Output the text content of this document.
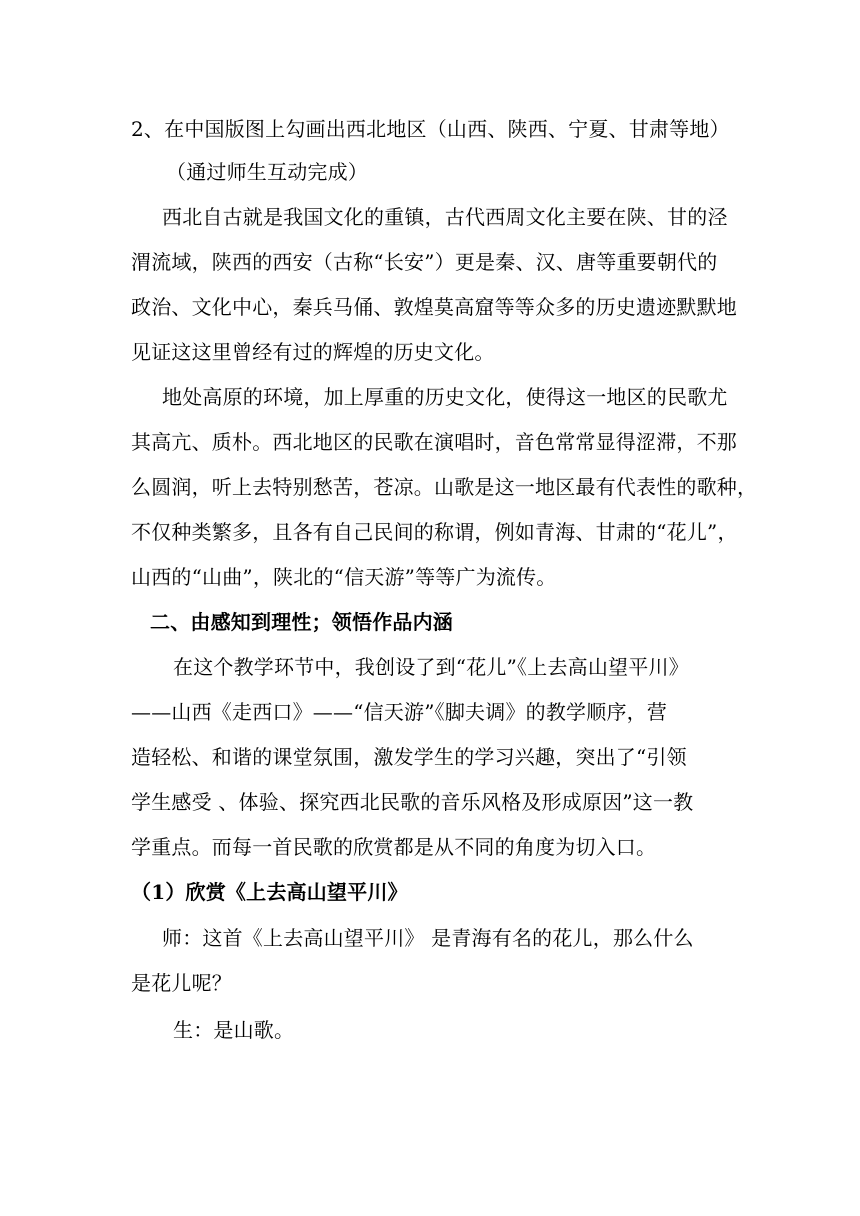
2、在中国版图上勾画出西北地区（山西、陕西、宁夏、甘肃等地）
（通过师生互动完成）
西北自古就是我国文化的重镇，古代西周文化主要在陕、甘的泾
渭流域，陕西的西安（古称“长安”）更是秦、汉、唐等重要朝代的
政治、文化中心，秦兵马俑、敦煌莫高窟等等众多的历史遗迹默默地
见证这这里曾经有过的辉煌的历史文化。
地处高原的环境，加上厚重的历史文化，使得这一地区的民歌尤
其高亢、质朴。西北地区的民歌在演唱时，音色常常显得涩滞，不那
么圆润，听上去特别愁苦，苍凉。山歌是这一地区最有代表性的歌种，
不仅种类繁多，且各有自己民间的称谓，例如青海、甘肃的“花儿”，
山西的“山曲”，陕北的“信天游”等等广为流传。
二、由感知到理性；领悟作品内涵
在这个教学环节中，我创设了到“花儿”《上去高山望平川》
——山西《走西口》——“信天游”《脚夫调》的教学顺序，营
造轻松、和谐的课堂氛围，激发学生的学习兴趣，突出了“引领
学生感受 、体验、探究西北民歌的音乐风格及形成原因”这一教
学重点。而每一首民歌的欣赏都是从不同的角度为切入口。
（1）欣赏《上去高山望平川》
师：这首《上去高山望平川》 是青海有名的花儿，那么什么
是花儿呢？
生：是山歌。
